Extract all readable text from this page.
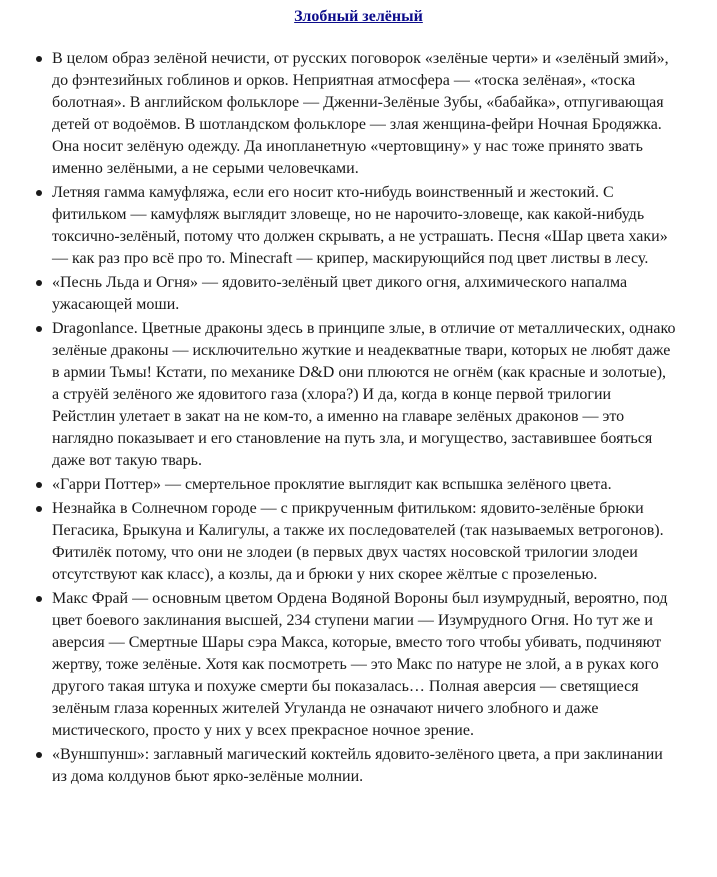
Злобный зелёный
В целом образ зелёной нечисти, от русских поговорок «зелёные черти» и «зелёный змий», до фэнтезийных гоблинов и орков. Неприятная атмосфера — «тоска зелёная», «тоска болотная». В английском фольклоре — Дженни-Зелёные Зубы, «бабайка», отпугивающая детей от водоёмов. В шотландском фольклоре — злая женщина-фейри Ночная Бродяжка. Она носит зелёную одежду. Да инопланетную «чертовщину» у нас тоже принято звать именно зелёными, а не серыми человечками.
Летняя гамма камуфляжа, если его носит кто-нибудь воинственный и жестокий. С фитильком — камуфляж выглядит зловеще, но не нарочито-зловеще, как какой-нибудь токсично-зелёный, потому что должен скрывать, а не устрашать. Песня «Шар цвета хаки» — как раз про всё про то. Minecraft — крипер, маскирующийся под цвет листвы в лесу.
«Песнь Льда и Огня» — ядовито-зелёный цвет дикого огня, алхимического напалма ужасающей моши.
Dragonlance. Цветные драконы здесь в принципе злые, в отличие от металлических, однако зелёные драконы — исключительно жуткие и неадекватные твари, которых не любят даже в армии Тьмы! Кстати, по механике D&D они плюются не огнём (как красные и золотые), а струёй зелёного же ядовитого газа (хлора?) И да, когда в конце первой трилогии Рейстлин улетает в закат на не ком-то, а именно на главаре зелёных драконов — это наглядно показывает и его становление на путь зла, и могущество, заставившее бояться даже вот такую тварь.
«Гарри Поттер» — смертельное проклятие выглядит как вспышка зелёного цвета.
Незнайка в Солнечном городе — с прикрученным фитильком: ядовито-зелёные брюки Пегасика, Брыкуна и Калигулы, а также их последователей (так называемых ветрогонов). Фитилёк потому, что они не злодеи (в первых двух частях носовской трилогии злодеи отсутствуют как класс), а козлы, да и брюки у них скорее жёлтые с прозеленью.
Макс Фрай — основным цветом Ордена Водяной Вороны был изумрудный, вероятно, под цвет боевого заклинания высшей, 234 ступени магии — Изумрудного Огня. Но тут же и аверсия — Смертные Шары сэра Макса, которые, вместо того чтобы убивать, подчиняют жертву, тоже зелёные. Хотя как посмотреть — это Макс по натуре не злой, а в руках кого другого такая штука и похуже смерти бы показалась… Полная аверсия — светящиеся зелёным глаза коренных жителей Угуланда не означают ничего злобного и даже мистического, просто у них у всех прекрасное ночное зрение.
«Вуншпунш»: заглавный магический коктейль ядовито-зелёного цвета, а при заклинании из дома колдунов бьют ярко-зелёные молнии.
